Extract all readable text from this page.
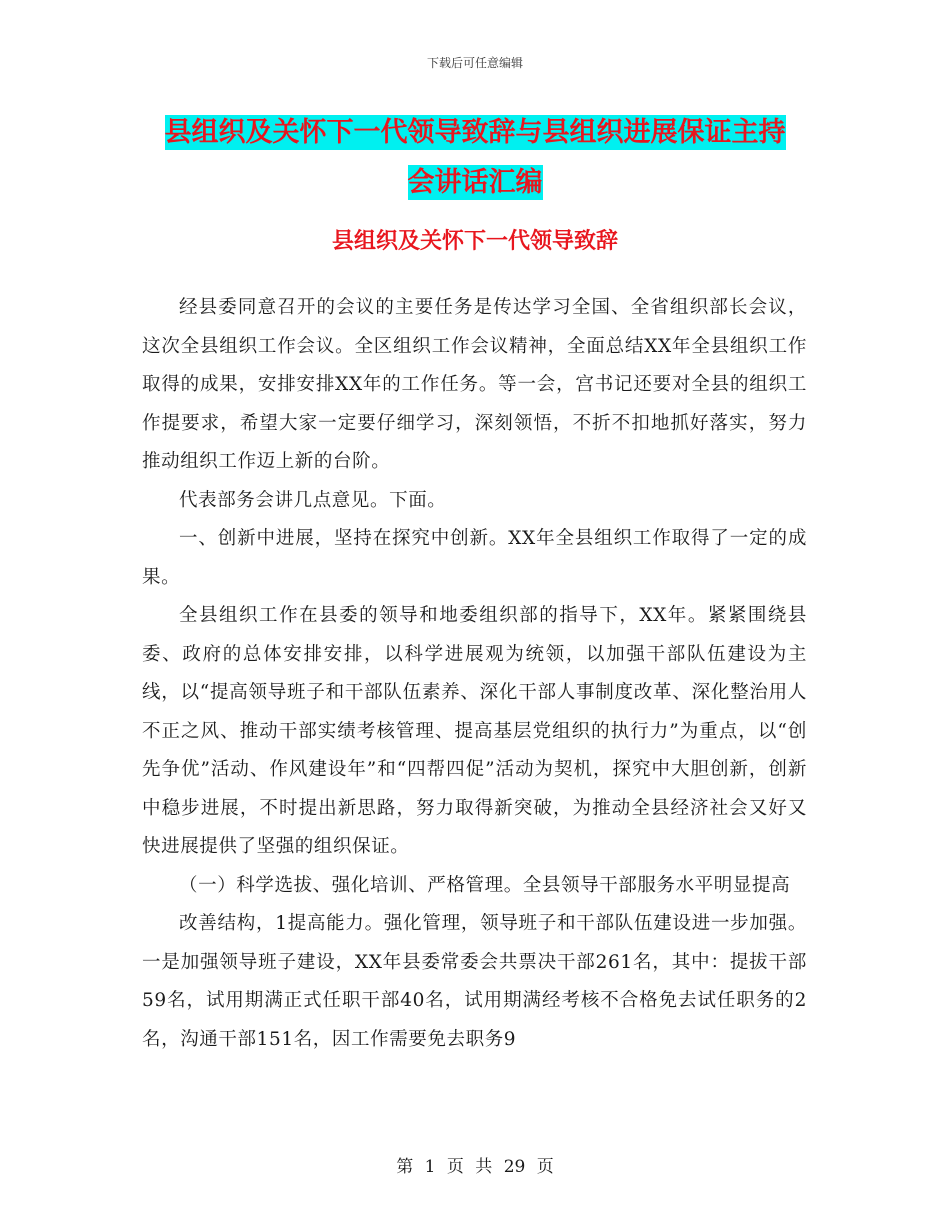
下载后可任意编辑
县组织及关怀下一代领导致辞与县组织进展保证主持
会讲话汇编
县组织及关怀下一代领导致辞

经县委同意召开的会议的主要任务是传达学习全国、全省组织部长会议，这次全县组织工作会议。全区组织工作会议精神，全面总结XX年全县组织工作取得的成果，安排安排XX年的工作任务。等一会，宫书记还要对全县的组织工作提要求，希望大家一定要仔细学习，深刻领悟，不折不扣地抓好落实，努力推动组织工作迈上新的台阶。

代表部务会讲几点意见。下面。

一、创新中进展，坚持在探究中创新。XX年全县组织工作取得了一定的成果。

全县组织工作在县委的领导和地委组织部的指导下，XX年。紧紧围绕县委、政府的总体安排安排，以科学进展观为统领，以加强干部队伍建设为主线，以“提高领导班子和干部队伍素养、深化干部人事制度改革、深化整治用人不正之风、推动干部实绩考核管理、提高基层党组织的执行力”为重点，以“创先争优”活动、作风建设年”和“四帮四促”活动为契机，探究中大胆创新，创新中稳步进展，不时提出新思路，努力取得新突破，为推动全县经济社会又好又快进展提供了坚强的组织保证。

（一）科学选拔、强化培训、严格管理。全县领导干部服务水平明显提高

改善结构，1提高能力。强化管理，领导班子和干部队伍建设进一步加强。一是加强领导班子建设，XX年县委常委会共票决干部261名，其中：提拔干部59名，试用期满正式任职干部40名，试用期满经考核不合格免去试任职务的2名，沟通干部151名，因工作需要免去职务9

第 1 页 共 29 页
